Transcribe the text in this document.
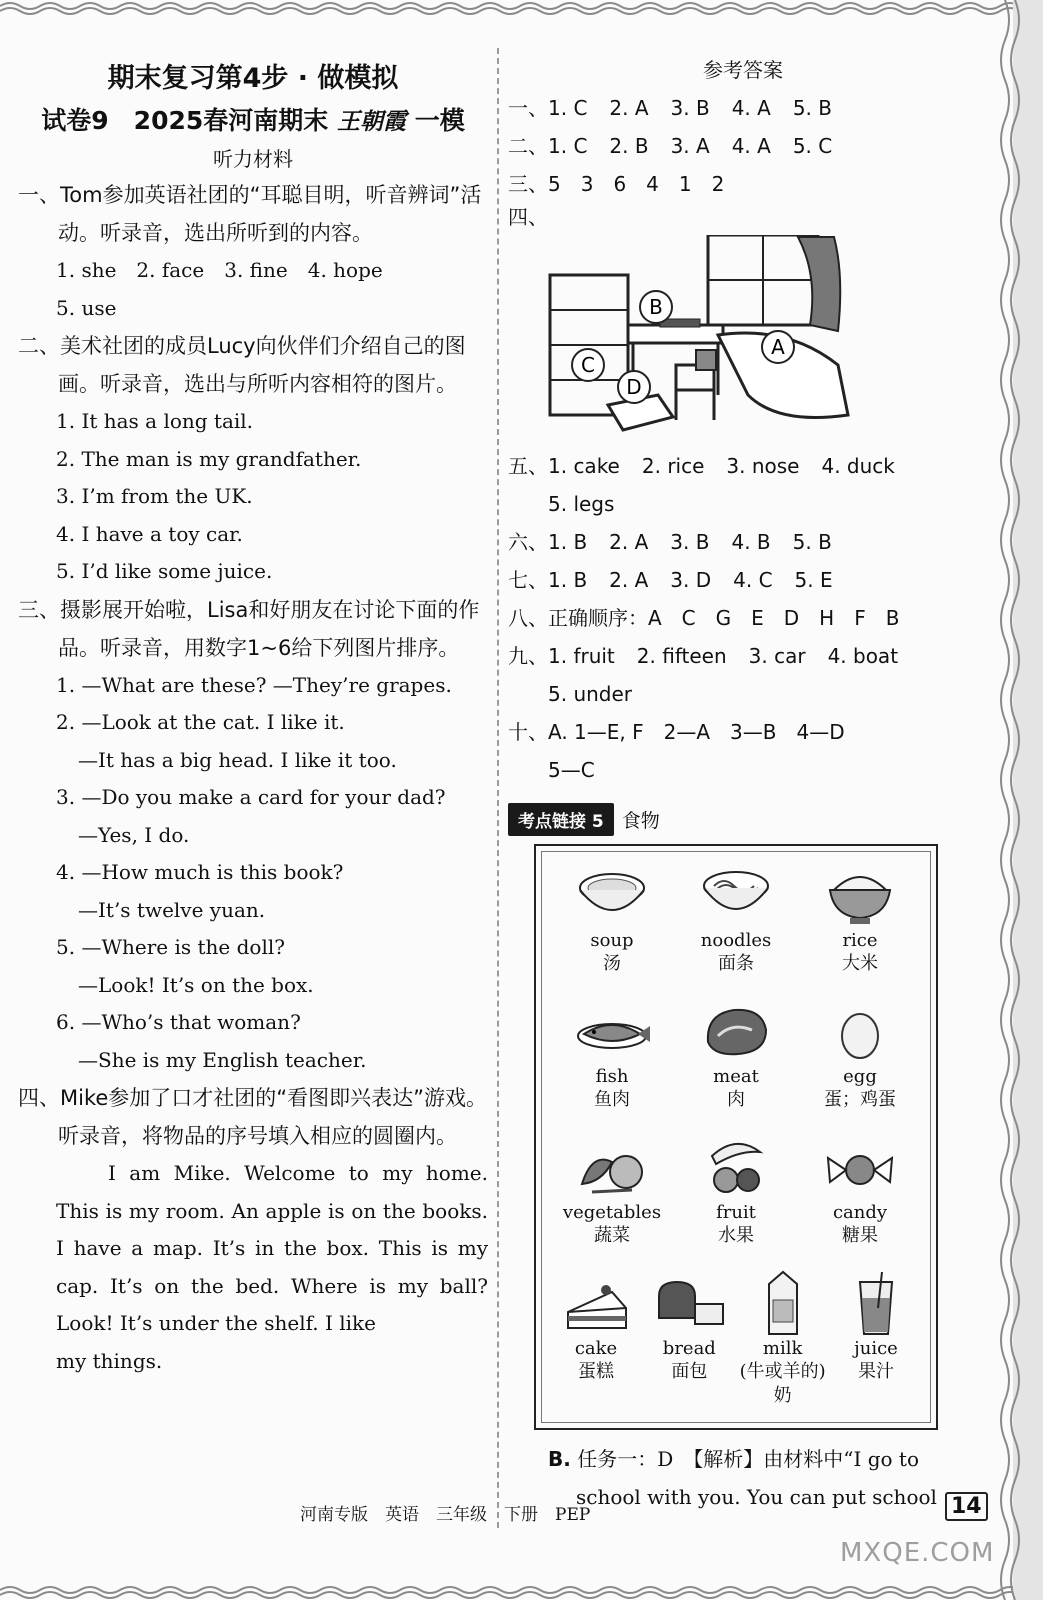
期末复习第4步 · 做模拟
试卷9　2025春河南期末 王朝霞 一模
听力材料

一、Tom参加英语社团的“耳聪目明，听音辨词”活动。听录音，选出所听到的内容。

1. she　2. face　3. fine　4. hope

5. use

二、美术社团的成员Lucy向伙伴们介绍自己的图画。听录音，选出与所听内容相符的图片。

1. It has a long tail.

2. The man is my grandfather.

3. I’m from the UK.

4. I have a toy car.

5. I’d like some juice.

三、摄影展开始啦，Lisa和好朋友在讨论下面的作品。听录音，用数字1~6给下列图片排序。

1. —What are these? —They’re grapes.

2. —Look at the cat. I like it.

—It has a big head. I like it too.

3. —Do you make a card for your dad?

—Yes, I do.

4. —How much is this book?

—It’s twelve yuan.

5. —Where is the doll?

—Look! It’s on the box.

6. —Who’s that woman?

—She is my English teacher.

四、Mike参加了口才社团的“看图即兴表达”游戏。听录音，将物品的序号填入相应的圆圈内。

I am Mike. Welcome to my home. This is my room. An apple is on the books. I have a map. It’s in the box. This is my cap. It’s on the bed. Where is my ball? Look! It’s under the shelf. I like
my things.

参考答案

一、1. C 2. A 3. B 4. A 5. B

二、1. C 2. B 3. A 4. A 5. C

三、5　3　6　4　1　2

四、

A
B
C
D

五、1. cake 2. rice 3. nose 4. duck

5. legs

六、1. B 2. A 3. B 4. B 5. B

七、1. B 2. A 3. D 4. C 5. E

八、正确顺序：A　C　G　E　D　H　F　B

九、1. fruit 2. fifteen 3. car 4. boat

5. under

十、A. 1—E, F　2—A　3—B　4—D

5—C

考点链接 5 食物
soup
汤
noodles
面条
rice
大米
fish
鱼肉
meat
肉
egg
蛋；鸡蛋
vegetables
蔬菜
fruit
水果
candy
糖果
cake
蛋糕
bread
面包
milk
(牛或羊的)奶
juice
果汁

B. 任务一：D　【解析】由材料中“I go to

school with you. You can put school

河南专版　英语　三年级　下册　PEP	14
MXQE.COM
